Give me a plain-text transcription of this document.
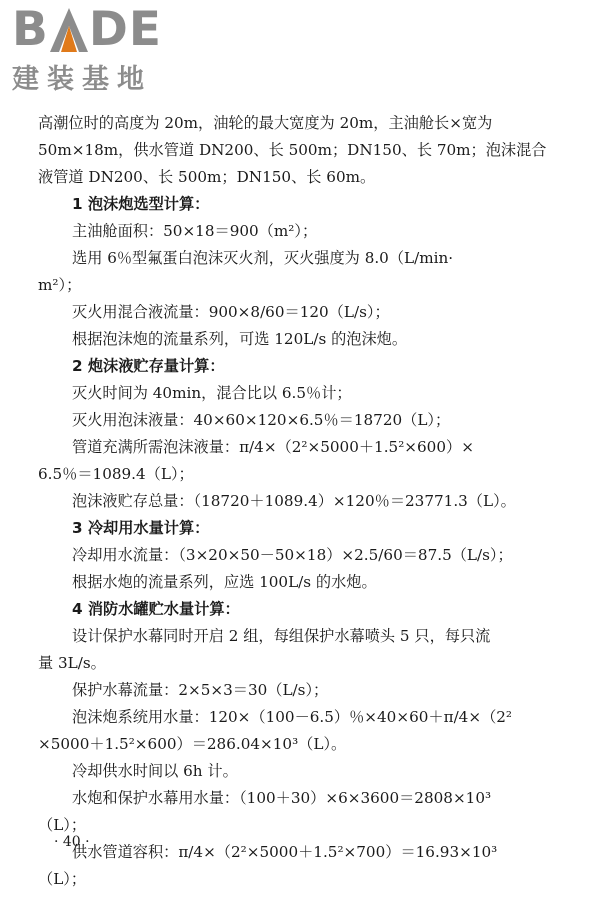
B DE
建装基地
高潮位时的高度为 20m，油轮的最大宽度为 20m，主油舱长×宽为
50m×18m，供水管道 DN200、长 500m；DN150、长 70m；泡沫混合
液管道 DN200、长 500m；DN150、长 60m。
1 泡沫炮选型计算：
主油舱面积：50×18＝900（m²）；
选用 6％型氟蛋白泡沫灭火剂，灭火强度为 8.0（L/min·
m²）；
灭火用混合液流量：900×8/60＝120（L/s）；
根据泡沫炮的流量系列，可选 120L/s 的泡沫炮。
2 炮沫液贮存量计算：
灭火时间为 40min，混合比以 6.5％计；
灭火用泡沫液量：40×60×120×6.5％＝18720（L）；
管道充满所需泡沫液量：π/4×（2²×5000＋1.5²×600）×
6.5％＝1089.4（L）；
泡沫液贮存总量：（18720＋1089.4）×120％＝23771.3（L）。
3 冷却用水量计算：
冷却用水流量：（3×20×50－50×18）×2.5/60＝87.5（L/s）；
根据水炮的流量系列，应选 100L/s 的水炮。
4 消防水罐贮水量计算：
设计保护水幕同时开启 2 组，每组保护水幕喷头 5 只，每只流
量 3L/s。
保护水幕流量：2×5×3＝30（L/s）；
泡沫炮系统用水量：120×（100－6.5）％×40×60＋π/4×（2²
×5000＋1.5²×600）＝286.04×10³（L）。
冷却供水时间以 6h 计。
水炮和保护水幕用水量：（100＋30）×6×3600＝2808×10³
（L）；
供水管道容积：π/4×（2²×5000＋1.5²×700）＝16.93×10³
（L）；
· 40 ·
